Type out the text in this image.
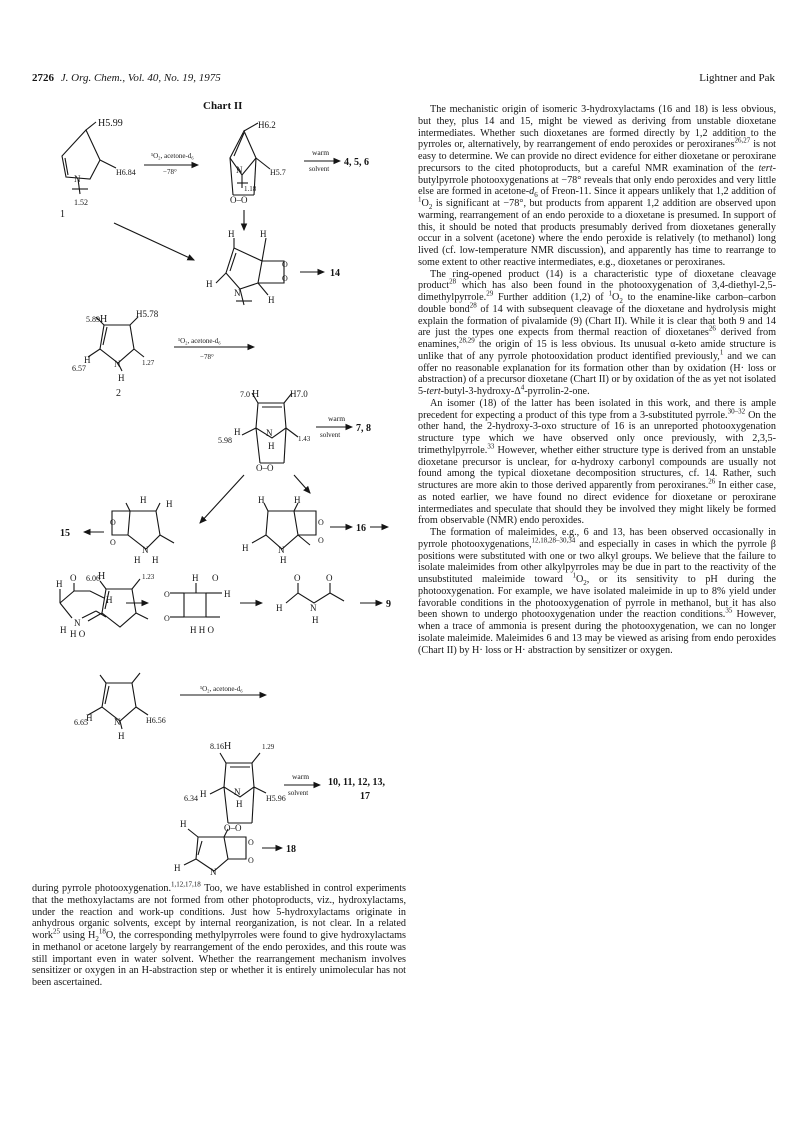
2726 J. Org. Chem., Vol. 40, No. 19, 1975	Lightner and Pak
Chart II
H5.99
H6.84
N
1.52
1
¹O₂, acetone-d₆
−78°
H6.2
H5.7
1.18
O–O
N
warm
solvent
4, 5, 6
H	H
O
O
H
N
H
14
5.89 H	H5.78
6.57
H	N
H
1.27
2
¹O₂, acetone-d₆
−78°
7.0 H	H7.0
5.98
H	N
H
1.43
O–O
warm
solvent
7, 8
H H
O
O
N
H H
15
H	H
O
O
H	N
H
16
H
O
H
H
N
H O
H O
O
O
H
H H O
O	O
H	N
H
9
6.06
H	1.23
6.65
H N
H
H6.56
¹O₂, acetone-d₆
8.16 H	1.29
6.34 H	N
H
H5.96
O–O
warm
solvent
10, 11, 12, 13,
17
H
O
O
H	N
18

during pyrrole photooxygenation.$^{1,12,17,18}$ Too, we have established in control experiments that the methoxylactams are not formed from other photoproducts, viz., hydroxylactams, under the reaction and work-up conditions. Just how 5-hydroxylactams originate in anhydrous organic solvents, except by internal reorganization, is not clear. In a related work$^{25}$ using $H_2^{18}O$, the corresponding methylpyrroles were found to give hydroxylactams in methanol or acetone largely by rearrangement of the endo peroxides, and this route was still important even in water solvent. Whether the rearrangement mechanism involves sensitizer or oxygen in an H-abstraction step or whether it is entirely unimolecular has not been ascertained.

The mechanistic origin of isomeric 3-hydroxylactams (16 and 18) is less obvious, but they, plus 14 and 15, might be viewed as deriving from unstable dioxetane intermediates. Whether such dioxetanes are formed directly by 1,2 addition to the pyrroles or, alternatively, by rearrangement of endo peroxides or peroxiranes$^{26,27}$ is not easy to determine. We can provide no direct evidence for either dioxetane or peroxirane precursors to the cited photoproducts, but a careful NMR examination of the tert-butylpyrrole photooxygenations at −78° reveals that only endo peroxides and very little else are formed in acetone-$d_6$ of Freon-11. Since it appears unlikely that 1,2 addition of $^1O_2$ is significant at −78°, but products from apparent 1,2 addition are observed upon warming, rearrangement of an endo peroxide to a dioxetane is presumed. In support of this, it should be noted that products presumably derived from dioxetanes generally occur in a solvent (acetone) where the endo peroxide is relatively (to methanol) long lived (cf. low-temperature NMR discussion), and apparently has time to rearrange to some extent to other reactive intermediates, e.g., dioxetanes or peroxiranes.

The ring-opened product (14) is a characteristic type of dioxetane cleavage product$^{28}$ which has also been found in the photooxygenation of 3,4-diethyl-2,5-dimethylpyrrole.$^{29}$ Further addition (1,2) of $^1O_2$ to the enamine-like carbon–carbon double bond$^{28}$ of 14 with subsequent cleavage of the dioxetane and hydrolysis might explain the formation of pivalamide (9) (Chart II). While it is clear that both 9 and 14 are just the types one expects from thermal reaction of dioxetanes$^{26}$ derived from enamines,$^{28,29}$ the origin of 15 is less obvious. Its unusual α-keto amide structure is unlike that of any pyrrole photooxidation product identified previously,$^1$ and we can offer no reasonable explanation for its formation other than by oxidation (H· loss or abstraction) of a precursor dioxetane (Chart II) or by oxidation of the as yet not isolated $5-tert-butyl-3-hydroxy-\Delta^4-pyrrolin-2$-one.

An isomer (18) of the latter has been isolated in this work, and there is ample precedent for expecting a product of this type from a 3-substituted pyrrole.$^{30-32}$ On the other hand, the 2-hydroxy-3-oxo structure of 16 is an unreported photooxygenation structure type which we have observed only once previously, with 2,3,5-trimethylpyrrole.$^{33}$ However, whether either structure type is derived from an unstable dioxetane precursor is unclear, for α-hydroxy carbonyl compounds are usually not found among the typical dioxetane decomposition structures, cf. 14. Rather, such structures are more akin to those derived apparently from peroxiranes.$^{26}$ In either case, as noted earlier, we have found no direct evidence for dioxetane or peroxirane intermediates and speculate that should they be involved they might likely be formed from observable (NMR) endo peroxides.

The formation of maleimides, e.g., 6 and 13, has been observed occasionally in pyrrole photooxygenations,$^{12,18,28-30,34}$ and especially in cases in which the pyrrole β positions were substituted with one or two alkyl groups. We believe that the failure to isolate maleimides from other alkylpyrroles may be due in part to the reactivity of the unsubstituted maleimide toward $^1O_2$, or its sensitivity to pH during the photooxygenation. For example, we have isolated maleimide in up to 8% yield under favorable conditions in the photooxygenation of pyrrole in methanol, but it has also been shown to undergo photooxygenation under the reaction conditions.$^{35}$ However, when a trace of ammonia is present during the photooxygenation, we can no longer isolate maleimide. Maleimides 6 and 13 may be viewed as arising from endo peroxides (Chart II) by H· loss or H· abstraction by sensitizer or oxygen.
